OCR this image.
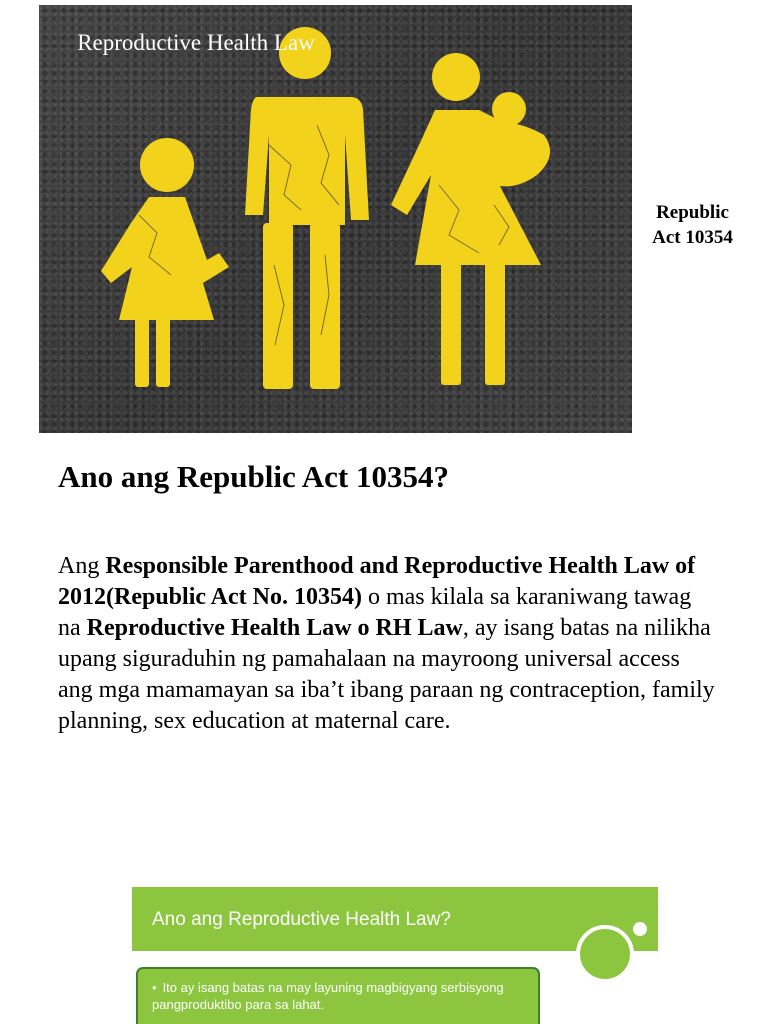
Reproductive Health Law
Republic Act 10354
Ano ang Republic Act 10354?

Ang Responsible Parenthood and Reproductive Health Law of 2012(Republic Act No. 10354) o mas kilala sa karaniwang tawag na Reproductive Health Law o RH Law, ay isang batas na nilikha upang siguraduhin ng pamahalaan na mayroong universal access ang mga mamamayan sa iba’t ibang paraan ng contraception, family planning, sex education at maternal care.

Ano ang Reproductive Health Law?
• Ito ay isang batas na may layuning magbigyang serbisyong pangproduktibo para sa lahat.
